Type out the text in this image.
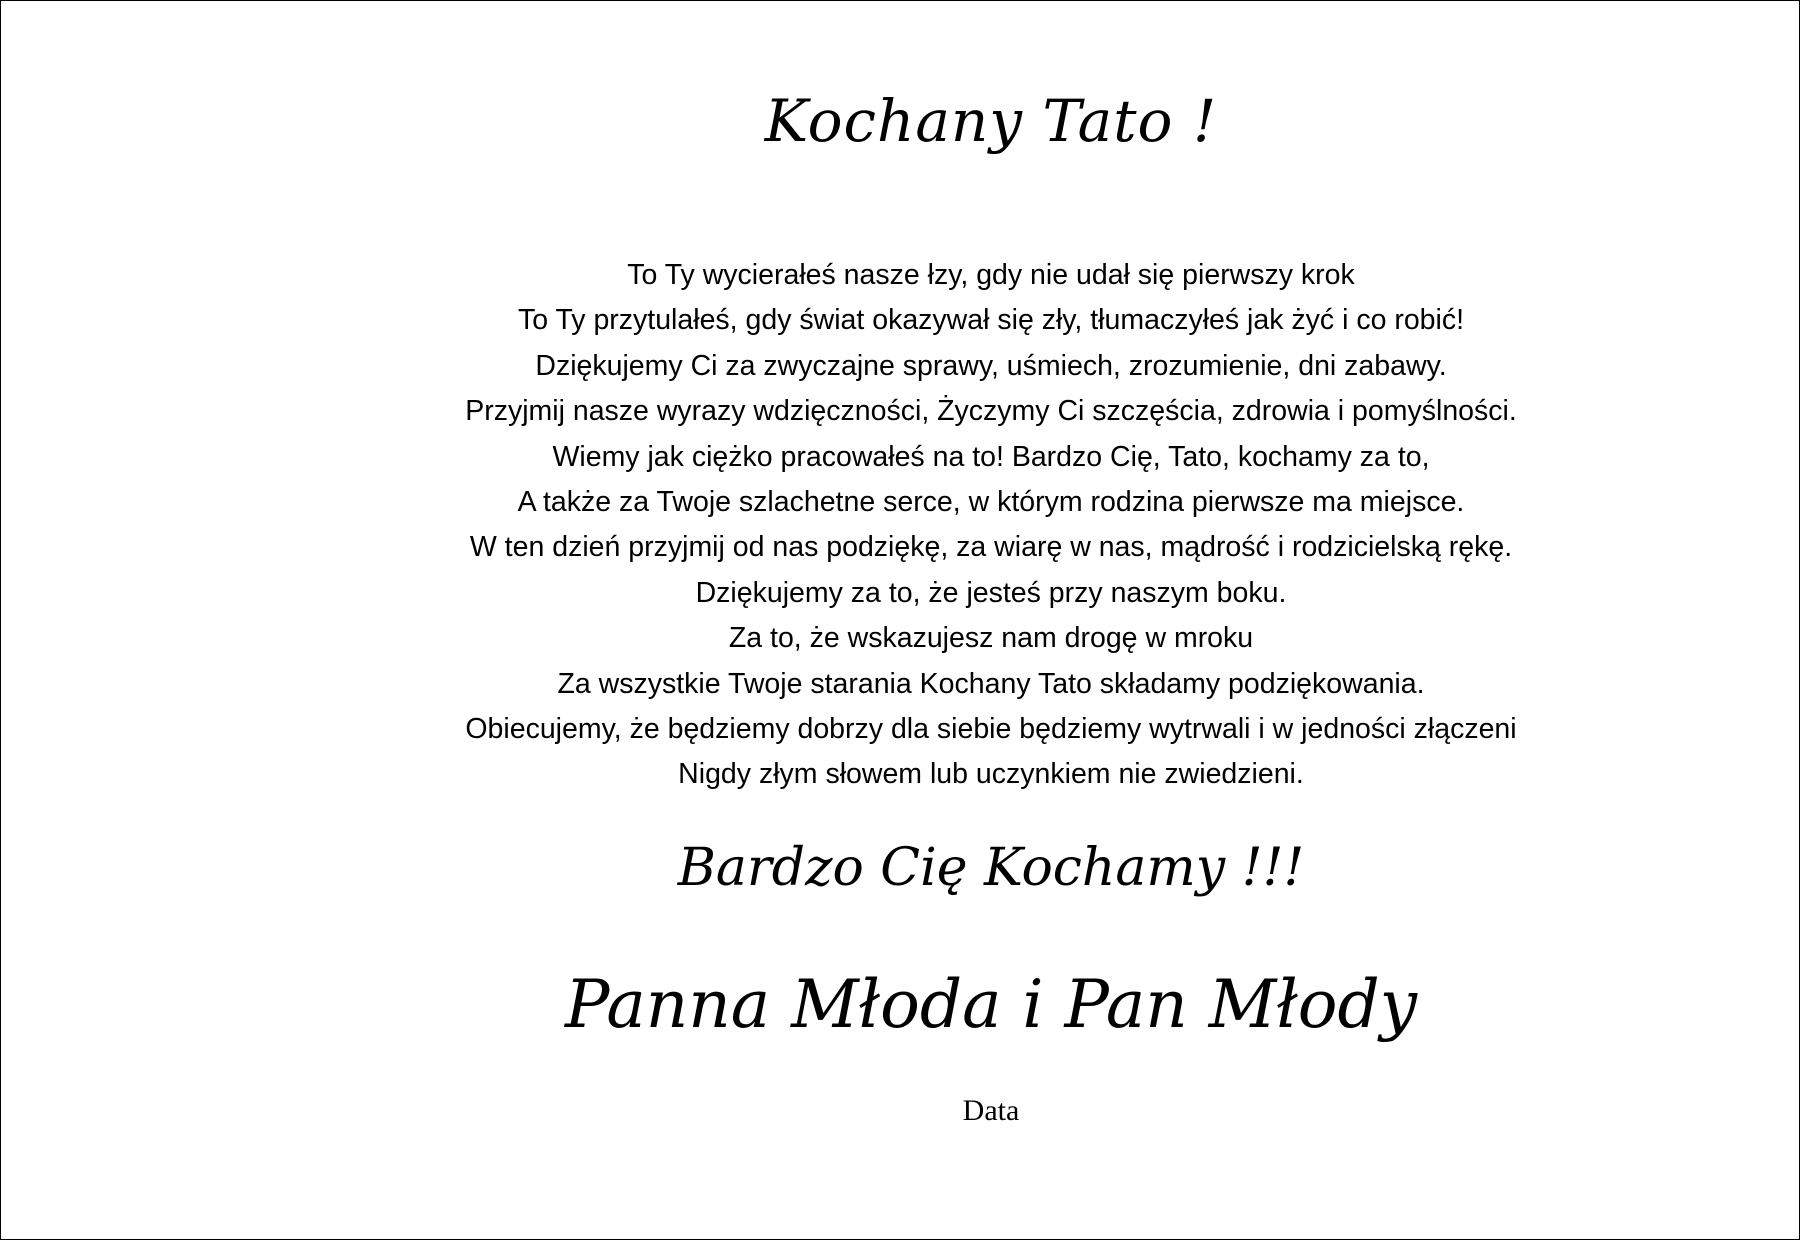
Kochany Tato !
To Ty wycierałeś nasze łzy, gdy nie udał się pierwszy krok
To Ty przytulałeś, gdy świat okazywał się zły, tłumaczyłeś jak żyć i co robić!
Dziękujemy Ci za zwyczajne sprawy, uśmiech, zrozumienie, dni zabawy.
Przyjmij nasze wyrazy wdzięczności, Życzymy Ci szczęścia, zdrowia i pomyślności.
Wiemy jak ciężko pracowałeś na to! Bardzo Cię, Tato, kochamy za to,
A także za Twoje szlachetne serce, w którym rodzina pierwsze ma miejsce.
W ten dzień przyjmij od nas podziękę, za wiarę w nas, mądrość i rodzicielską rękę.
Dziękujemy za to, że jesteś przy naszym boku.
Za to, że wskazujesz nam drogę w mroku
Za wszystkie Twoje starania Kochany Tato składamy podziękowania.
Obiecujemy, że będziemy dobrzy dla siebie będziemy wytrwali i w jedności złączeni
Nigdy złym słowem lub uczynkiem nie zwiedzieni.
Bardzo Cię Kochamy !!!
Panna Młoda i Pan Młody
Data
